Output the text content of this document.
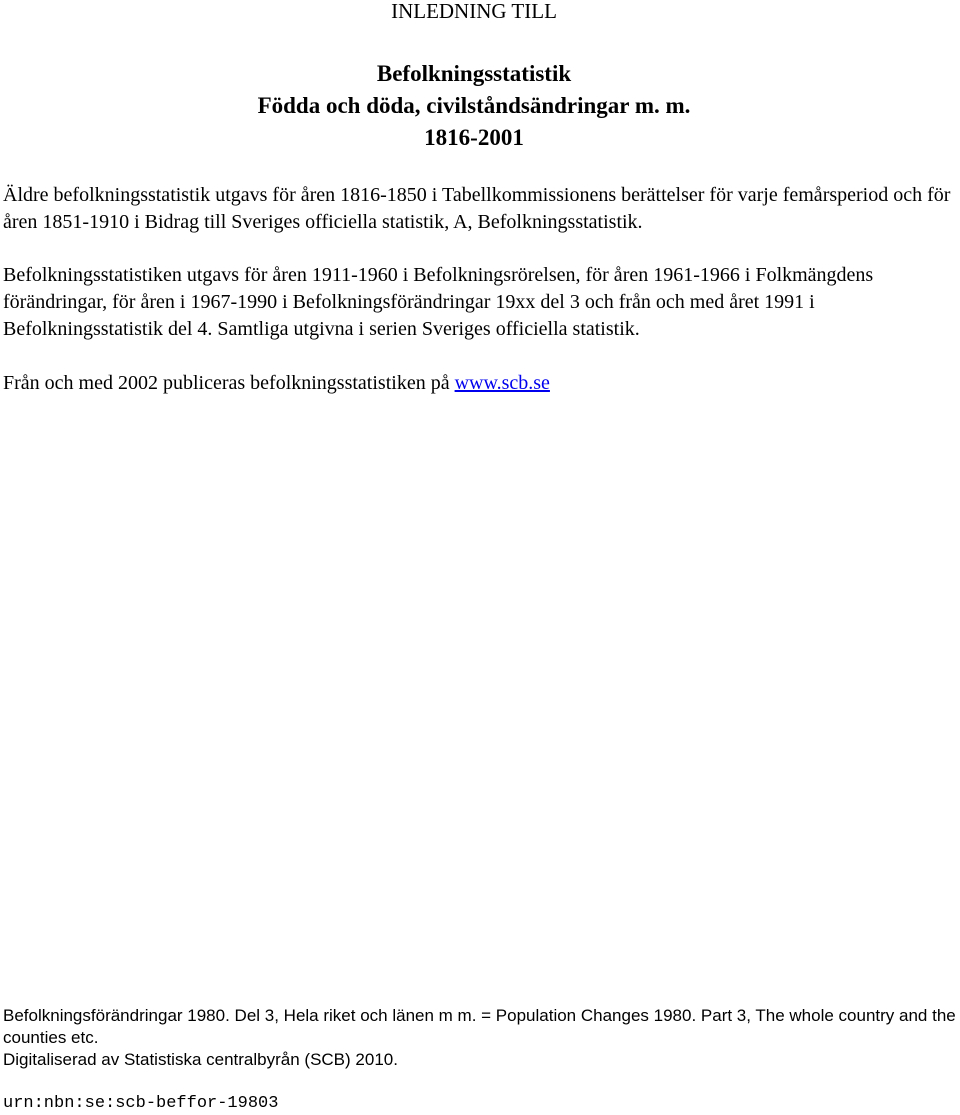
INLEDNING TILL
Befolkningsstatistik
Födda och döda, civilståndsändringar m. m.
1816-2001

Äldre befolkningsstatistik utgavs för åren 1816-1850 i Tabellkommissionens berättelser för varje femårsperiod och för åren 1851-1910 i Bidrag till Sveriges officiella statistik, A, Befolkningsstatistik.

Befolkningsstatistiken utgavs för åren 1911-1960 i Befolkningsrörelsen, för åren 1961-1966 i Folkmängdens förändringar, för åren i 1967-1990 i Befolkningsförändringar 19xx del 3 och från och med året 1991 i Befolkningsstatistik del 4. Samtliga utgivna i serien Sveriges officiella statistik.

Från och med 2002 publiceras befolkningsstatistiken på www.scb.se

Befolkningsförändringar 1980. Del 3, Hela riket och länen m m. = Population Changes 1980. Part 3, The whole country and the counties etc.

Digitaliserad av Statistiska centralbyrån (SCB) 2010.

urn:nbn:se:scb-beffor-19803
